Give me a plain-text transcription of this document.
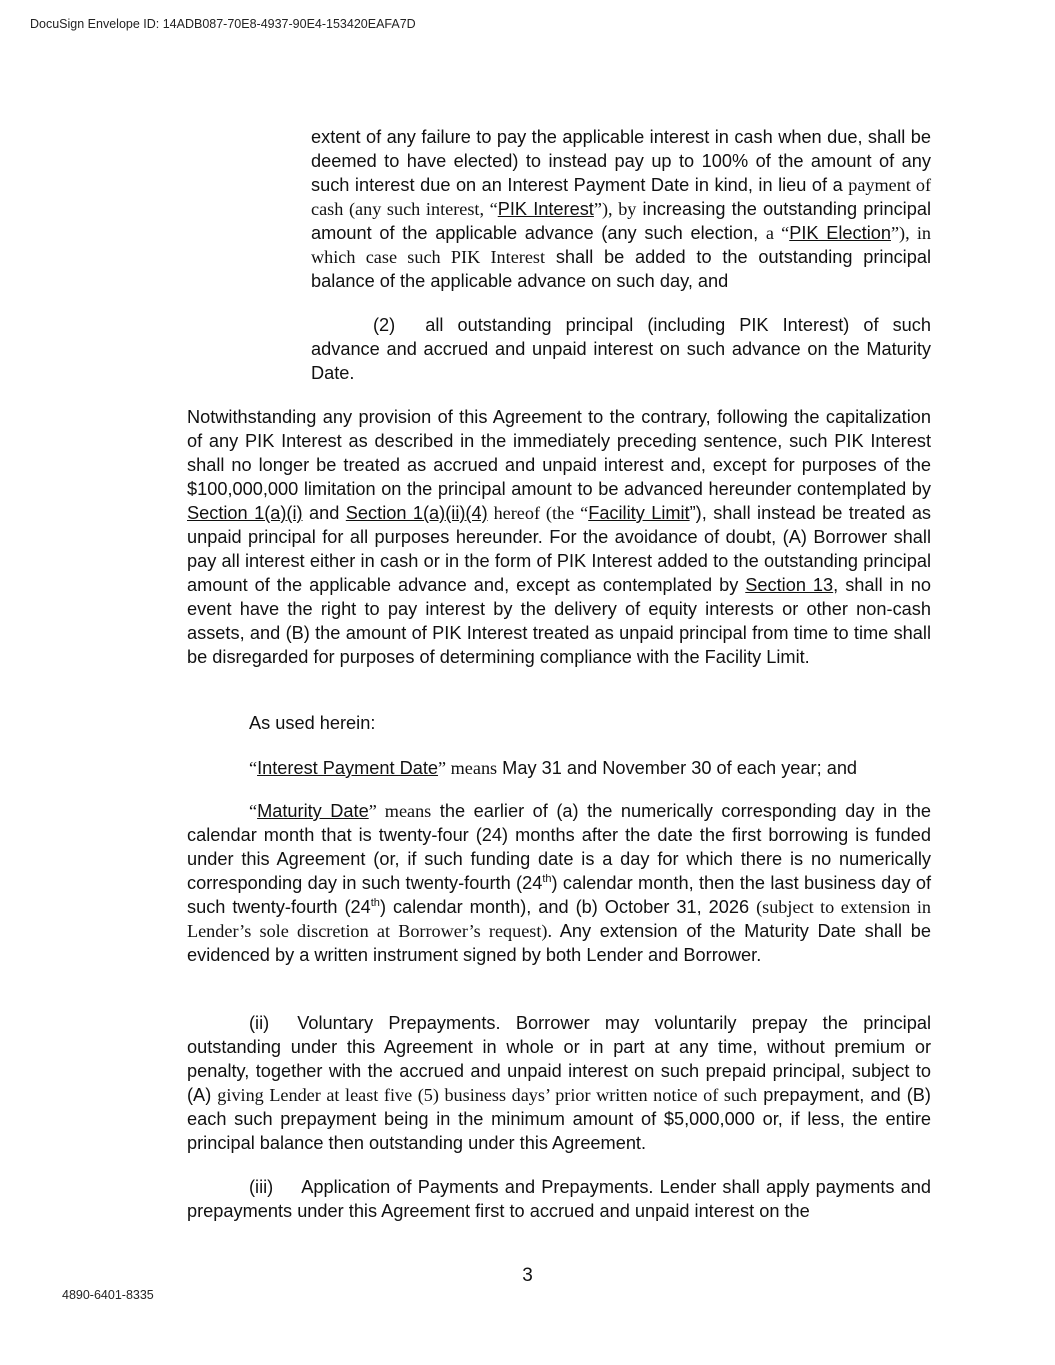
DocuSign Envelope ID: 14ADB087-70E8-4937-90E4-153420EAFA7D

extent of any failure to pay the applicable interest in cash when due, shall be deemed to have elected) to instead pay up to 100% of the amount of any such interest due on an Interest Payment Date in kind, in lieu of a payment of cash (any such interest, “PIK Interest”), by increasing the outstanding principal amount of the applicable advance (any such election, a “PIK Election”), in which case such PIK Interest shall be added to the outstanding principal balance of the applicable advance on such day, and

(2) all outstanding principal (including PIK Interest) of such advance and accrued and unpaid interest on such advance on the Maturity Date.

Notwithstanding any provision of this Agreement to the contrary, following the capitalization of any PIK Interest as described in the immediately preceding sentence, such PIK Interest shall no longer be treated as accrued and unpaid interest and, except for purposes of the $100,000,000 limitation on the principal amount to be advanced hereunder contemplated by Section 1(a)(i) and Section 1(a)(ii)(4) hereof (the “Facility Limit”), shall instead be treated as unpaid principal for all purposes hereunder. For the avoidance of doubt, (A) Borrower shall pay all interest either in cash or in the form of PIK Interest added to the outstanding principal amount of the applicable advance and, except as contemplated by Section 13, shall in no event have the right to pay interest by the delivery of equity interests or other non-cash assets, and (B) the amount of PIK Interest treated as unpaid principal from time to time shall be disregarded for purposes of determining compliance with the Facility Limit.

As used herein:

“Interest Payment Date” means May 31 and November 30 of each year; and

“Maturity Date” means the earlier of (a) the numerically corresponding day in the calendar month that is twenty-four (24) months after the date the first borrowing is funded under this Agreement (or, if such funding date is a day for which there is no numerically corresponding day in such twenty-fourth (24th) calendar month, then the last business day of such twenty-fourth (24th) calendar month), and (b) October 31, 2026 (subject to extension in Lender’s sole discretion at Borrower’s request). Any extension of the Maturity Date shall be evidenced by a written instrument signed by both Lender and Borrower.

(ii) Voluntary Prepayments. Borrower may voluntarily prepay the principal outstanding under this Agreement in whole or in part at any time, without premium or penalty, together with the accrued and unpaid interest on such prepaid principal, subject to (A) giving Lender at least five (5) business days’ prior written notice of such prepayment, and (B) each such prepayment being in the minimum amount of $5,000,000 or, if less, the entire principal balance then outstanding under this Agreement.

(iii) Application of Payments and Prepayments. Lender shall apply payments and prepayments under this Agreement first to accrued and unpaid interest on the

3
4890-6401-8335
